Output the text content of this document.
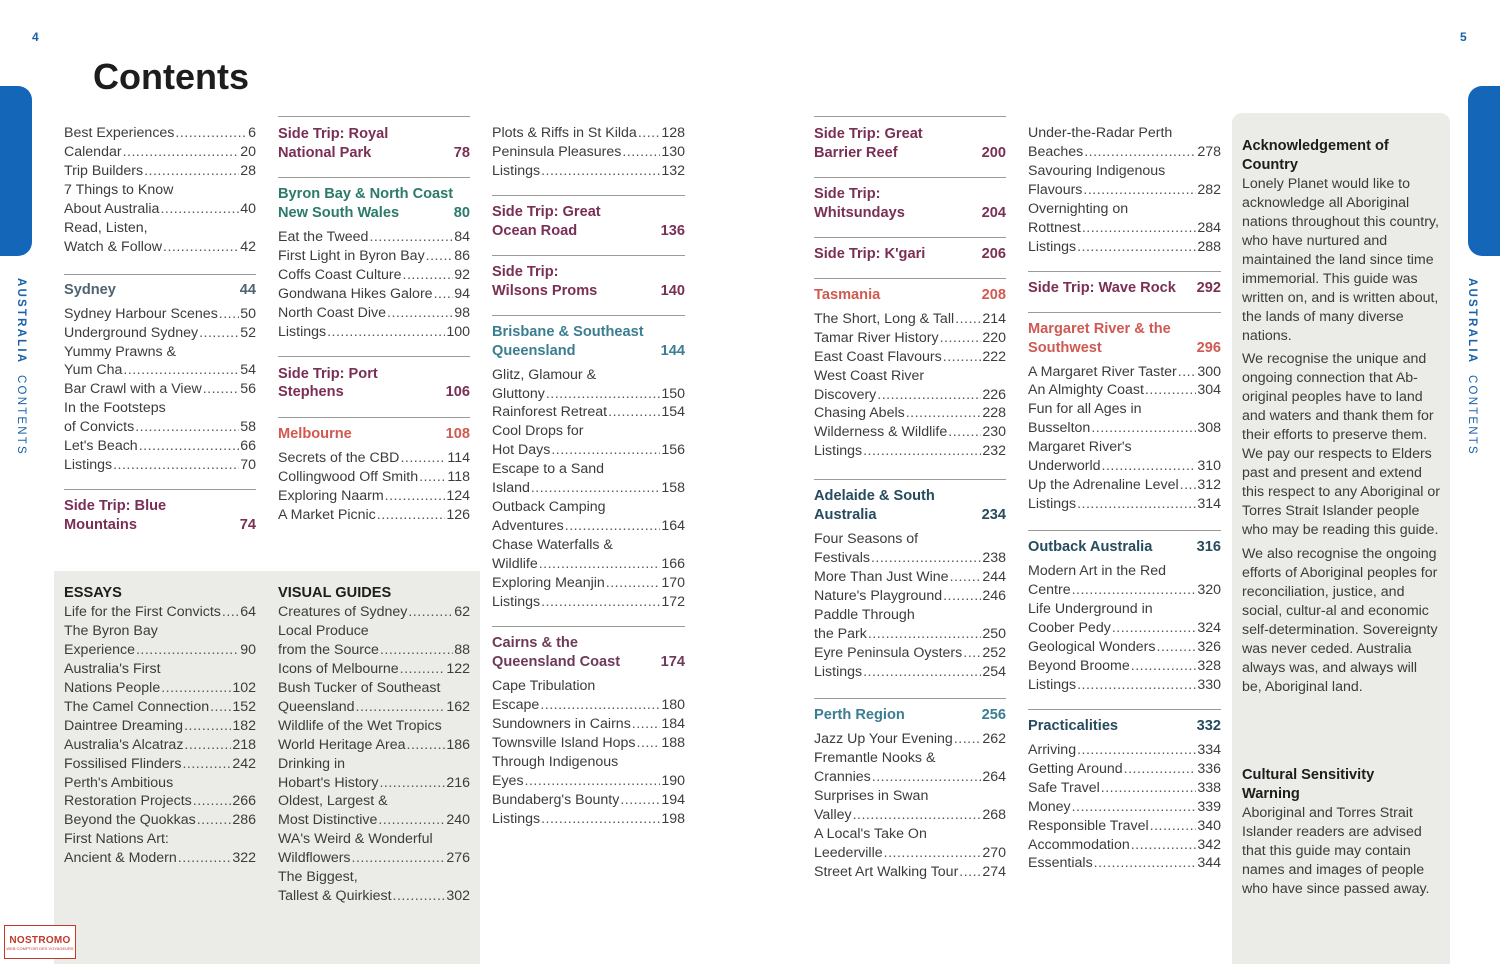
4	5
AUSTRALIA  CONTENTS
AUSTRALIA  CONTENTS
Contents
Best Experiences .....	6
Calendar .....	20
Trip Builders .....	28
7 Things to Know
About Australia .....	40
Read, Listen,
Watch & Follow .....	42
Sydney	44
Sydney Harbour Scenes ..... 50
Underground Sydney .....	52
Yummy Prawns &
Yum Cha .....	54
Bar Crawl with a View .....	56
In the Footsteps
of Convicts .....	58
Let's Beach .....	66
Listings .....	70
Side Trip: Blue
Mountains	74
Side Trip: Royal
National Park	78
Byron Bay & North Coast
New South Wales	80
Eat the Tweed .....	84
First Light in Byron Bay ..... 86
Coffs Coast Culture .....	92
Gondwana Hikes Galore ..... 94
North Coast Dive .....	98
Listings .....	100
Side Trip: Port
Stephens	106
Melbourne	108
Secrets of the CBD .....	114
Collingwood Off Smith ..... 118
Exploring Naarm .....	124
A Market Picnic .....	126
Plots & Riffs in St Kilda ..... 128
Peninsula Pleasures .....	130
Listings .....	132
Side Trip: Great
Ocean Road	136
Side Trip:
Wilsons Proms	140
Brisbane & Southeast
Queensland	144
Glitz, Glamour &
Gluttony .....	150
Rainforest Retreat .....	154
Cool Drops for
Hot Days .....	156
Escape to a Sand
Island .....	158
Outback Camping
Adventures .....	164
Chase Waterfalls &
Wildlife .....	166
Exploring Meanjin .....	170
Listings .....	172
Cairns & the
Queensland Coast	174
Cape Tribulation
Escape .....	180
Sundowners in Cairns ..... 184
Townsville Island Hops ..... 188
Through Indigenous
Eyes .....	190
Bundaberg's Bounty .....	194
Listings .....	198
Side Trip: Great
Barrier Reef	200
Side Trip:
Whitsundays	204
Side Trip: K'gari	206
Tasmania	208
The Short, Long & Tall ..... 214
Tamar River History .....	220
East Coast Flavours .....	222
West Coast River
Discovery .....	226
Chasing Abels .....	228
Wilderness & Wildlife ..... 230
Listings .....	232
Adelaide & South
Australia	234
Four Seasons of
Festivals .....	238
More Than Just Wine ..... 244
Nature's Playground .....	246
Paddle Through
the Park .....	250
Eyre Peninsula Oysters ..... 252
Listings .....	254
Perth Region	256
Jazz Up Your Evening ..... 262
Fremantle Nooks &
Crannies .....	264
Surprises in Swan
Valley .....	268
A Local's Take On
Leederville .....	270
Street Art Walking Tour ..... 274
Under-the-Radar Perth
Beaches .....	278
Savouring Indigenous
Flavours .....	282
Overnighting on
Rottnest .....	284
Listings .....	288
Side Trip: Wave Rock 292
Margaret River & the
Southwest	296
A Margaret River Taster ..... 300
An Almighty Coast .....	304
Fun for all Ages in
Busselton .....	308
Margaret River's
Underworld .....	310
Up the Adrenaline Level ..... 312
Listings .....	314
Outback Australia	316
Modern Art in the Red
Centre .....	320
Life Underground in
Coober Pedy .....	324
Geological Wonders .....	326
Beyond Broome .....	328
Listings .....	330
Practicalities	332
Arriving .....	334
Getting Around .....	336
Safe Travel .....	338
Money .....	339
Responsible Travel .....	340
Accommodation .....	342
Essentials .....	344
ESSAYS
Life for the First Convicts ..... 64
The Byron Bay
Experience .....	90
Australia's First
Nations People .....	102
The Camel Connection ..... 152
Daintree Dreaming .....	182
Australia's Alcatraz .....	218
Fossilised Flinders .....	242
Perth's Ambitious
Restoration Projects .....	266
Beyond the Quokkas .....	286
First Nations Art:
Ancient & Modern .....	322
VISUAL GUIDES
Creatures of Sydney .....	62
Local Produce
from the Source .....	88
Icons of Melbourne .....	122
Bush Tucker of Southeast
Queensland .....	162
Wildlife of the Wet Tropics
World Heritage Area .....	186
Drinking in
Hobart's History .....	216
Oldest, Largest &
Most Distinctive .....	240
WA's Weird & Wonderful
Wildflowers .....	276
The Biggest,
Tallest & Quirkiest .....	302
Acknowledgement of
Country

Lonely Planet would like to acknowledge all Aboriginal nations throughout this country, who have nurtured and maintained the land since time immemorial. This guide was written on, and is written about, the lands of many diverse nations.

We recognise the unique and ongoing connection that Ab-original peoples have to land and waters and thank them for their efforts to preserve them. We pay our respects to Elders past and present and extend this respect to any Aboriginal or Torres Strait Islander people who may be reading this guide.

We also recognise the ongoing efforts of Aboriginal peoples for reconciliation, justice, and social, cultur-al and economic self-determination. Sovereignty was never ceded. Australia always was, and always will be, Aboriginal land.

Cultural Sensitivity
Warning

Aboriginal and Torres Strait Islander readers are advised that this guide may contain names and images of people who have since passed away.

NOSTROMO
WEB COMPTOIR DES VOYAGEURS
